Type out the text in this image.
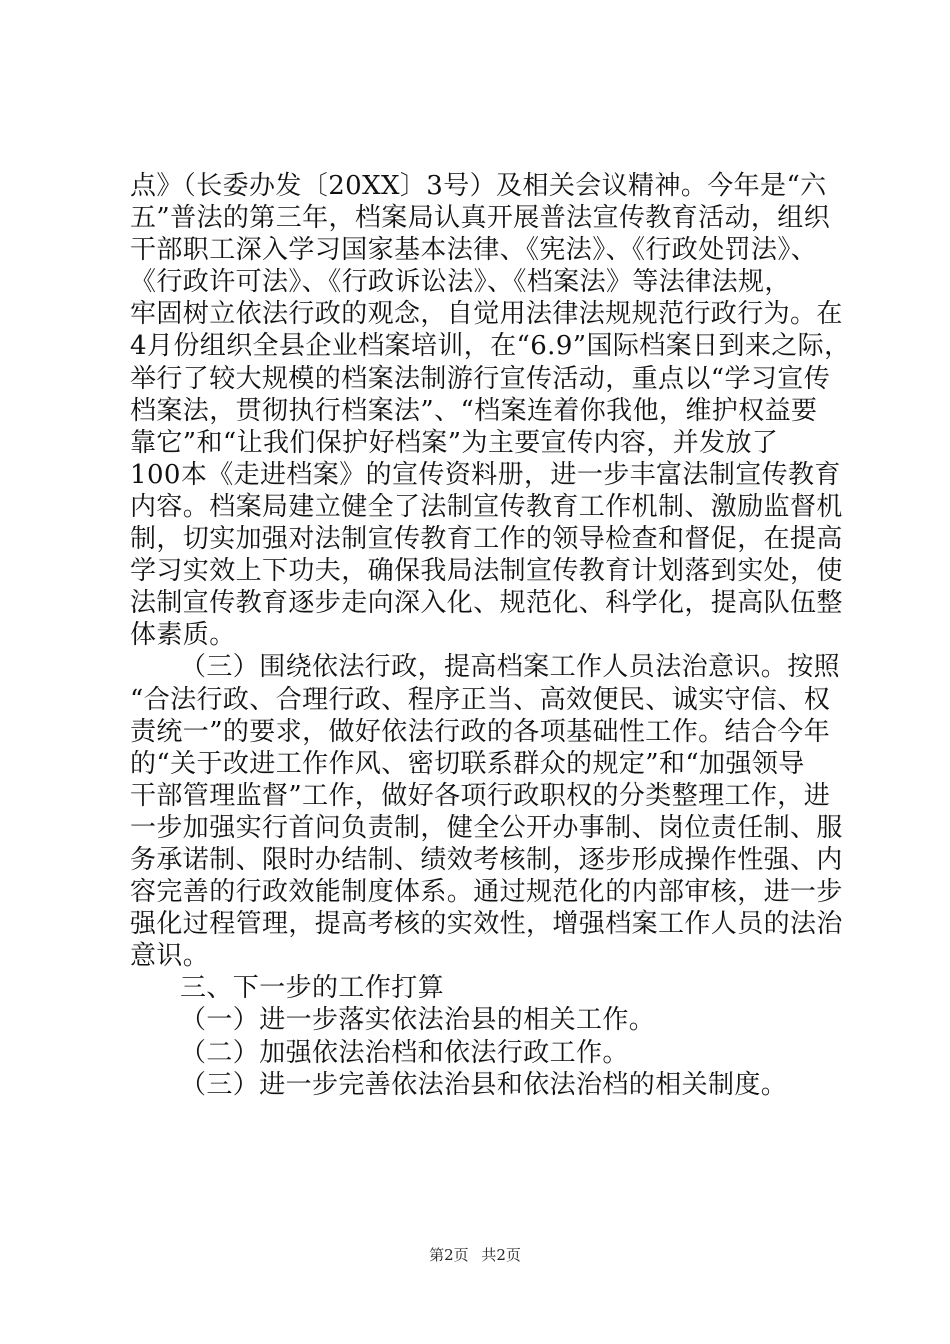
点》（长委办发〔20XX〕3号）及相关会议精神。今年是“六
五”普法的第三年，档案局认真开展普法宣传教育活动，组织
干部职工深入学习国家基本法律、《宪法》、《行政处罚法》、
《行政许可法》、《行政诉讼法》、《档案法》等法律法规，
牢固树立依法行政的观念，自觉用法律法规规范行政行为。在
4月份组织全县企业档案培训，在“6.9”国际档案日到来之际，
举行了较大规模的档案法制游行宣传活动，重点以“学习宣传
档案法，贯彻执行档案法”、“档案连着你我他，维护权益要
靠它”和“让我们保护好档案”为主要宣传内容，并发放了
100本《走进档案》的宣传资料册，进一步丰富法制宣传教育
内容。档案局建立健全了法制宣传教育工作机制、激励监督机
制，切实加强对法制宣传教育工作的领导检查和督促，在提高
学习实效上下功夫，确保我局法制宣传教育计划落到实处，使
法制宣传教育逐步走向深入化、规范化、科学化，提高队伍整
体素质。
（三）围绕依法行政，提高档案工作人员法治意识。按照
“合法行政、合理行政、程序正当、高效便民、诚实守信、权
责统一”的要求，做好依法行政的各项基础性工作。结合今年
的“关于改进工作作风、密切联系群众的规定”和“加强领导
干部管理监督”工作，做好各项行政职权的分类整理工作，进
一步加强实行首问负责制，健全公开办事制、岗位责任制、服
务承诺制、限时办结制、绩效考核制，逐步形成操作性强、内
容完善的行政效能制度体系。通过规范化的内部审核，进一步
强化过程管理，提高考核的实效性，增强档案工作人员的法治
意识。
三、下一步的工作打算
（一）进一步落实依法治县的相关工作。
（二）加强依法治档和依法行政工作。
（三）进一步完善依法治县和依法治档的相关制度。
第2页 共2页
